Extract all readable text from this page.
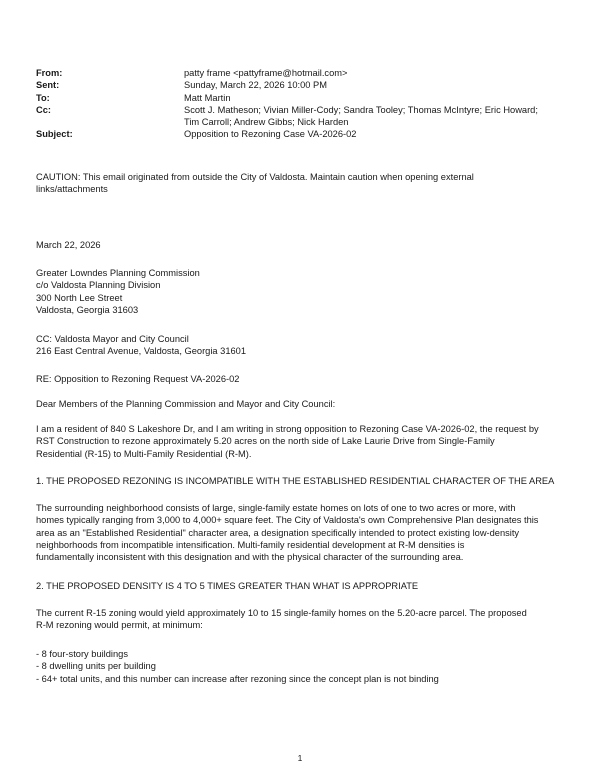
From:	patty frame <pattyframe@hotmail.com>
Sent:	Sunday, March 22, 2026 10:00 PM
To:	Matt Martin
Cc:	Scott J. Matheson; Vivian Miller-Cody; Sandra Tooley; Thomas McIntyre; Eric Howard;
Tim Carroll; Andrew Gibbs; Nick Harden
Subject:	Opposition to Rezoning Case VA-2026-02
CAUTION: This email originated from outside the City of Valdosta. Maintain caution when opening external
links/attachments
March 22, 2026
Greater Lowndes Planning Commission
c/o Valdosta Planning Division
300 North Lee Street
Valdosta, Georgia 31603
CC: Valdosta Mayor and City Council
216 East Central Avenue, Valdosta, Georgia 31601
RE: Opposition to Rezoning Request VA-2026-02
Dear Members of the Planning Commission and Mayor and City Council:
I am a resident of 840 S Lakeshore Dr, and I am writing in strong opposition to Rezoning Case VA-2026-02, the request by
RST Construction to rezone approximately 5.20 acres on the north side of Lake Laurie Drive from Single-Family
Residential (R-15) to Multi-Family Residential (R-M).
1. THE PROPOSED REZONING IS INCOMPATIBLE WITH THE ESTABLISHED RESIDENTIAL CHARACTER OF THE AREA
The surrounding neighborhood consists of large, single-family estate homes on lots of one to two acres or more, with
homes typically ranging from 3,000 to 4,000+ square feet. The City of Valdosta's own Comprehensive Plan designates this
area as an "Established Residential" character area, a designation specifically intended to protect existing low-density
neighborhoods from incompatible intensification. Multi-family residential development at R-M densities is
fundamentally inconsistent with this designation and with the physical character of the surrounding area.
2. THE PROPOSED DENSITY IS 4 TO 5 TIMES GREATER THAN WHAT IS APPROPRIATE
The current R-15 zoning would yield approximately 10 to 15 single-family homes on the 5.20-acre parcel. The proposed
R-M rezoning would permit, at minimum:
- 8 four-story buildings
- 8 dwelling units per building
- 64+ total units, and this number can increase after rezoning since the concept plan is not binding
1
